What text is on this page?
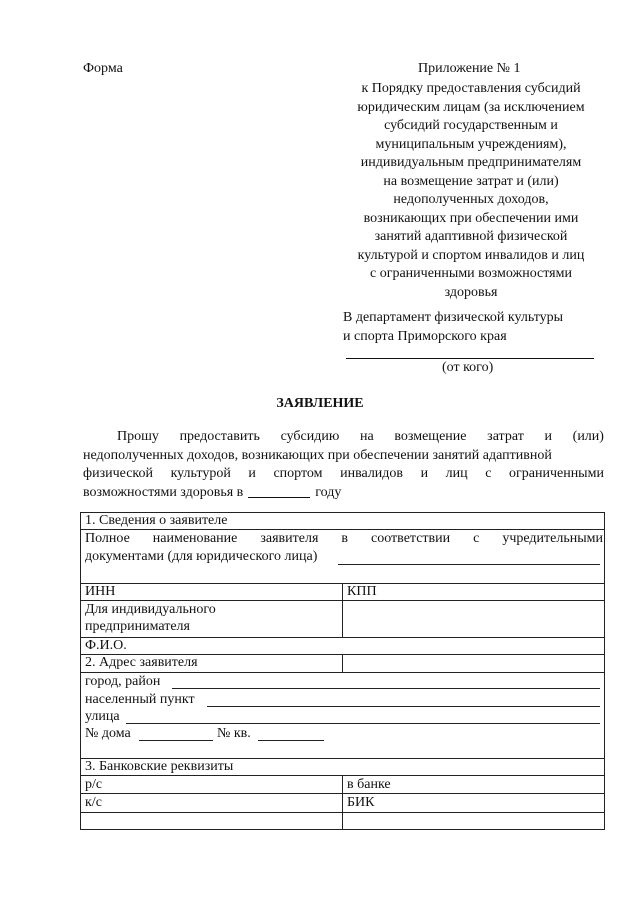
Форма	Приложение № 1
к Порядку предоставления субсидий
юридическим лицам (за исключением
субсидий государственным и
муниципальным учреждениям),
индивидуальным предпринимателям
на возмещение затрат и (или)
недополученных доходов,
возникающих при обеспечении ими
занятий адаптивной физической
культурой и спортом инвалидов и лиц
с ограниченными возможностями
здоровья
В департамент физической культуры
и спорта Приморского края
(от кого)
ЗАЯВЛЕНИЕ
Прошу предоставить субсидию на возмещение затрат и (или)
недополученных доходов, возникающих при обеспечении занятий адаптивной
физической культурой и спортом инвалидов и лиц с ограниченными
возможностями здоровья в	году
1. Сведения о заявителе
Полное наименование заявителя в соответствии с учредительными
документами (для юридического лица)
ИНН	КПП
Для индивидуального
предпринимателя
Ф.И.О.
2. Адрес заявителя
город, район
населенный пункт
улица
№ дома	№ кв.
3. Банковские реквизиты
р/с	в банке
к/с	БИК
